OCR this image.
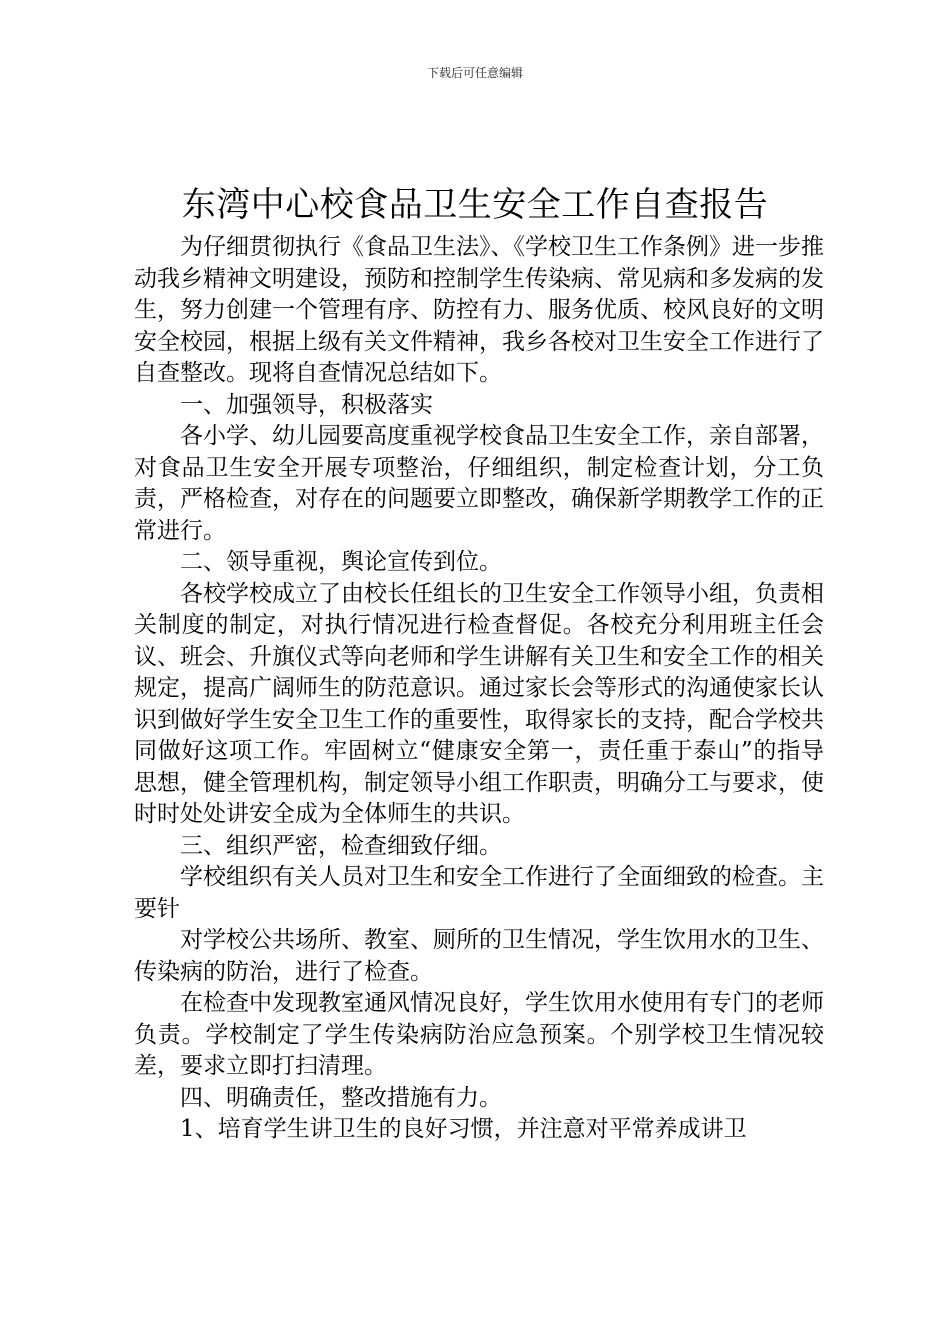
下载后可任意编辑
东湾中心校食品卫生安全工作自查报告

为仔细贯彻执行《食品卫生法》、《学校卫生工作条例》进一步推动我乡精神文明建设，预防和控制学生传染病、常见病和多发病的发生，努力创建一个管理有序、防控有力、服务优质、校风良好的文明安全校园，根据上级有关文件精神，我乡各校对卫生安全工作进行了自查整改。现将自查情况总结如下。

一、加强领导，积极落实

各小学、幼儿园要高度重视学校食品卫生安全工作，亲自部署，对食品卫生安全开展专项整治，仔细组织，制定检查计划，分工负责，严格检查，对存在的问题要立即整改，确保新学期教学工作的正常进行。

二、领导重视，舆论宣传到位。

各校学校成立了由校长任组长的卫生安全工作领导小组，负责相关制度的制定，对执行情况进行检查督促。各校充分利用班主任会议、班会、升旗仪式等向老师和学生讲解有关卫生和安全工作的相关规定，提高广阔师生的防范意识。通过家长会等形式的沟通使家长认识到做好学生安全卫生工作的重要性，取得家长的支持，配合学校共同做好这项工作。牢固树立“健康安全第一，责任重于泰山”的指导思想，健全管理机构，制定领导小组工作职责，明确分工与要求，使时时处处讲安全成为全体师生的共识。

三、组织严密，检查细致仔细。

学校组织有关人员对卫生和安全工作进行了全面细致的检查。主要针

对学校公共场所、教室、厕所的卫生情况，学生饮用水的卫生、传染病的防治，进行了检查。

在检查中发现教室通风情况良好，学生饮用水使用有专门的老师负责。学校制定了学生传染病防治应急预案。个别学校卫生情况较差，要求立即打扫清理。

四、明确责任，整改措施有力。

1、培育学生讲卫生的良好习惯，并注意对平常养成讲卫
